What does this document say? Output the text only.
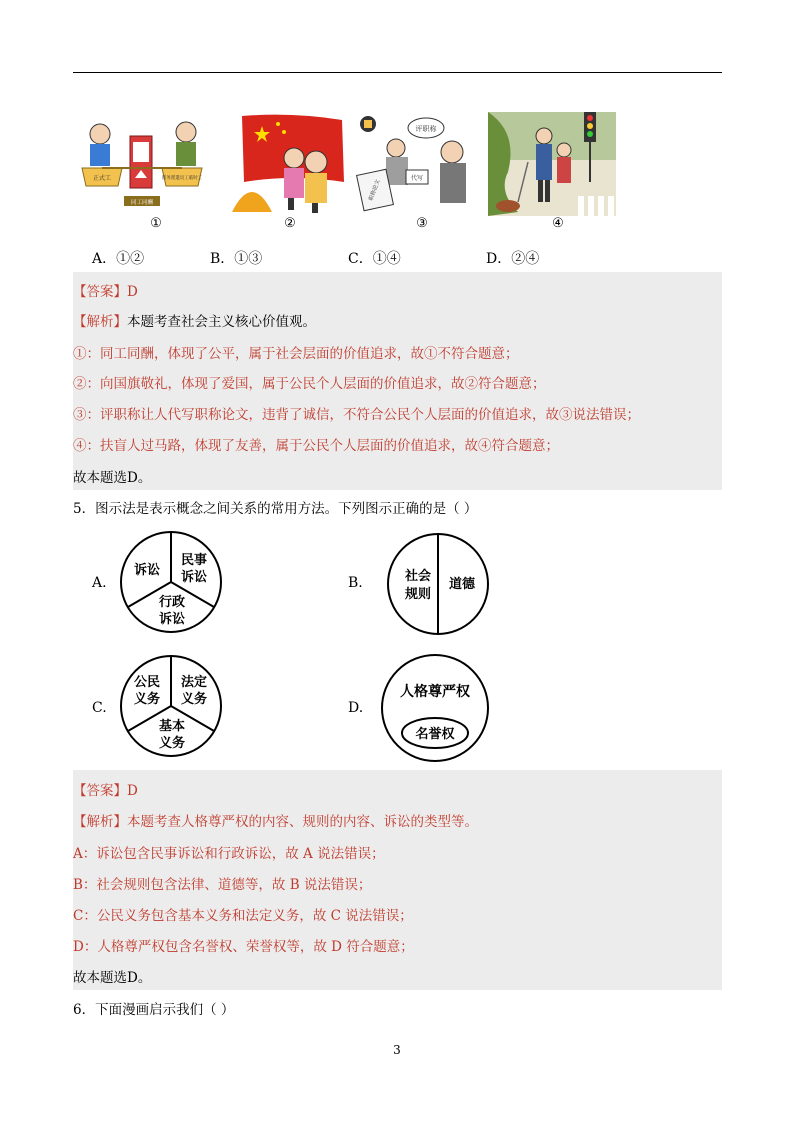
正式工	派务派遣员工临时工
同工同酬
评职称
职称论文
代写
①	②	③	④
A．①②	B．①③	C．①④	D．②④
【答案】D
【解析】本题考查社会主义核心价值观。
①：同工同酬，体现了公平，属于社会层面的价值追求，故①不符合题意；
②：向国旗敬礼，体现了爱国，属于公民个人层面的价值追求，故②符合题意；
③：评职称让人代写职称论文，违背了诚信，不符合公民个人层面的价值追求，故③说法错误；
④：扶盲人过马路，体现了友善，属于公民个人层面的价值追求，故④符合题意；
故本题选D。
5．图示法是表示概念之间关系的常用方法。下列图示正确的是（ ）
A.
诉讼
民事
诉讼
行政
诉讼
B.	社会
规则
道德
C.
公民
义务
法定
义务
基本
义务
D.
人格尊严权
名誉权
【答案】D
【解析】本题考查人格尊严权的内容、规则的内容、诉讼的类型等。
A：诉讼包含民事诉讼和行政诉讼，故 A 说法错误；
B：社会规则包含法律、道德等，故 B 说法错误；
C：公民义务包含基本义务和法定义务，故 C 说法错误；
D：人格尊严权包含名誉权、荣誉权等，故 D 符合题意；
故本题选D。
6．下面漫画启示我们（ ）
3
